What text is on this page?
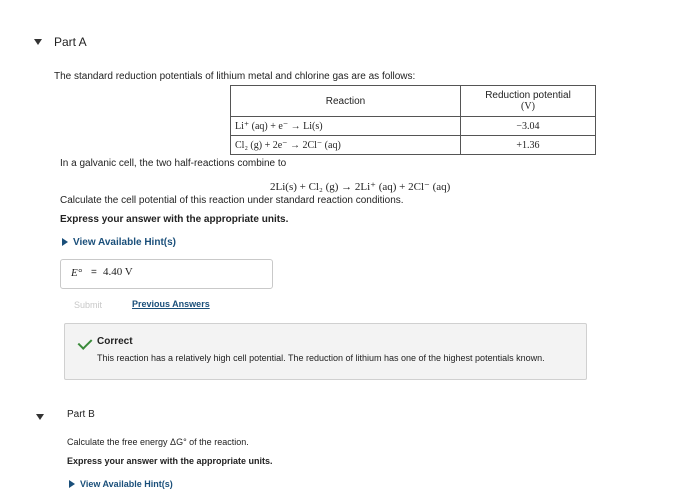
Part A
The standard reduction potentials of lithium metal and chlorine gas are as follows:
Reaction	Reduction potential
(V)

Li⁺ (aq) + e⁻ → Li(s)	−3.04
Cl₂ (g) + 2e⁻ → 2Cl⁻ (aq)	+1.36
In a galvanic cell, the two half-reactions combine to
2Li(s) + Cl₂ (g) → 2Li⁺ (aq) + 2Cl⁻ (aq)
Calculate the cell potential of this reaction under standard reaction conditions.
Express your answer with the appropriate units.
View Available Hint(s)
E° = 4.40 V
Submit	Previous Answers
Correct
This reaction has a relatively high cell potential. The reduction of lithium has one of the highest potentials known.
Part B
Calculate the free energy ΔG° of the reaction.
Express your answer with the appropriate units.
View Available Hint(s)
